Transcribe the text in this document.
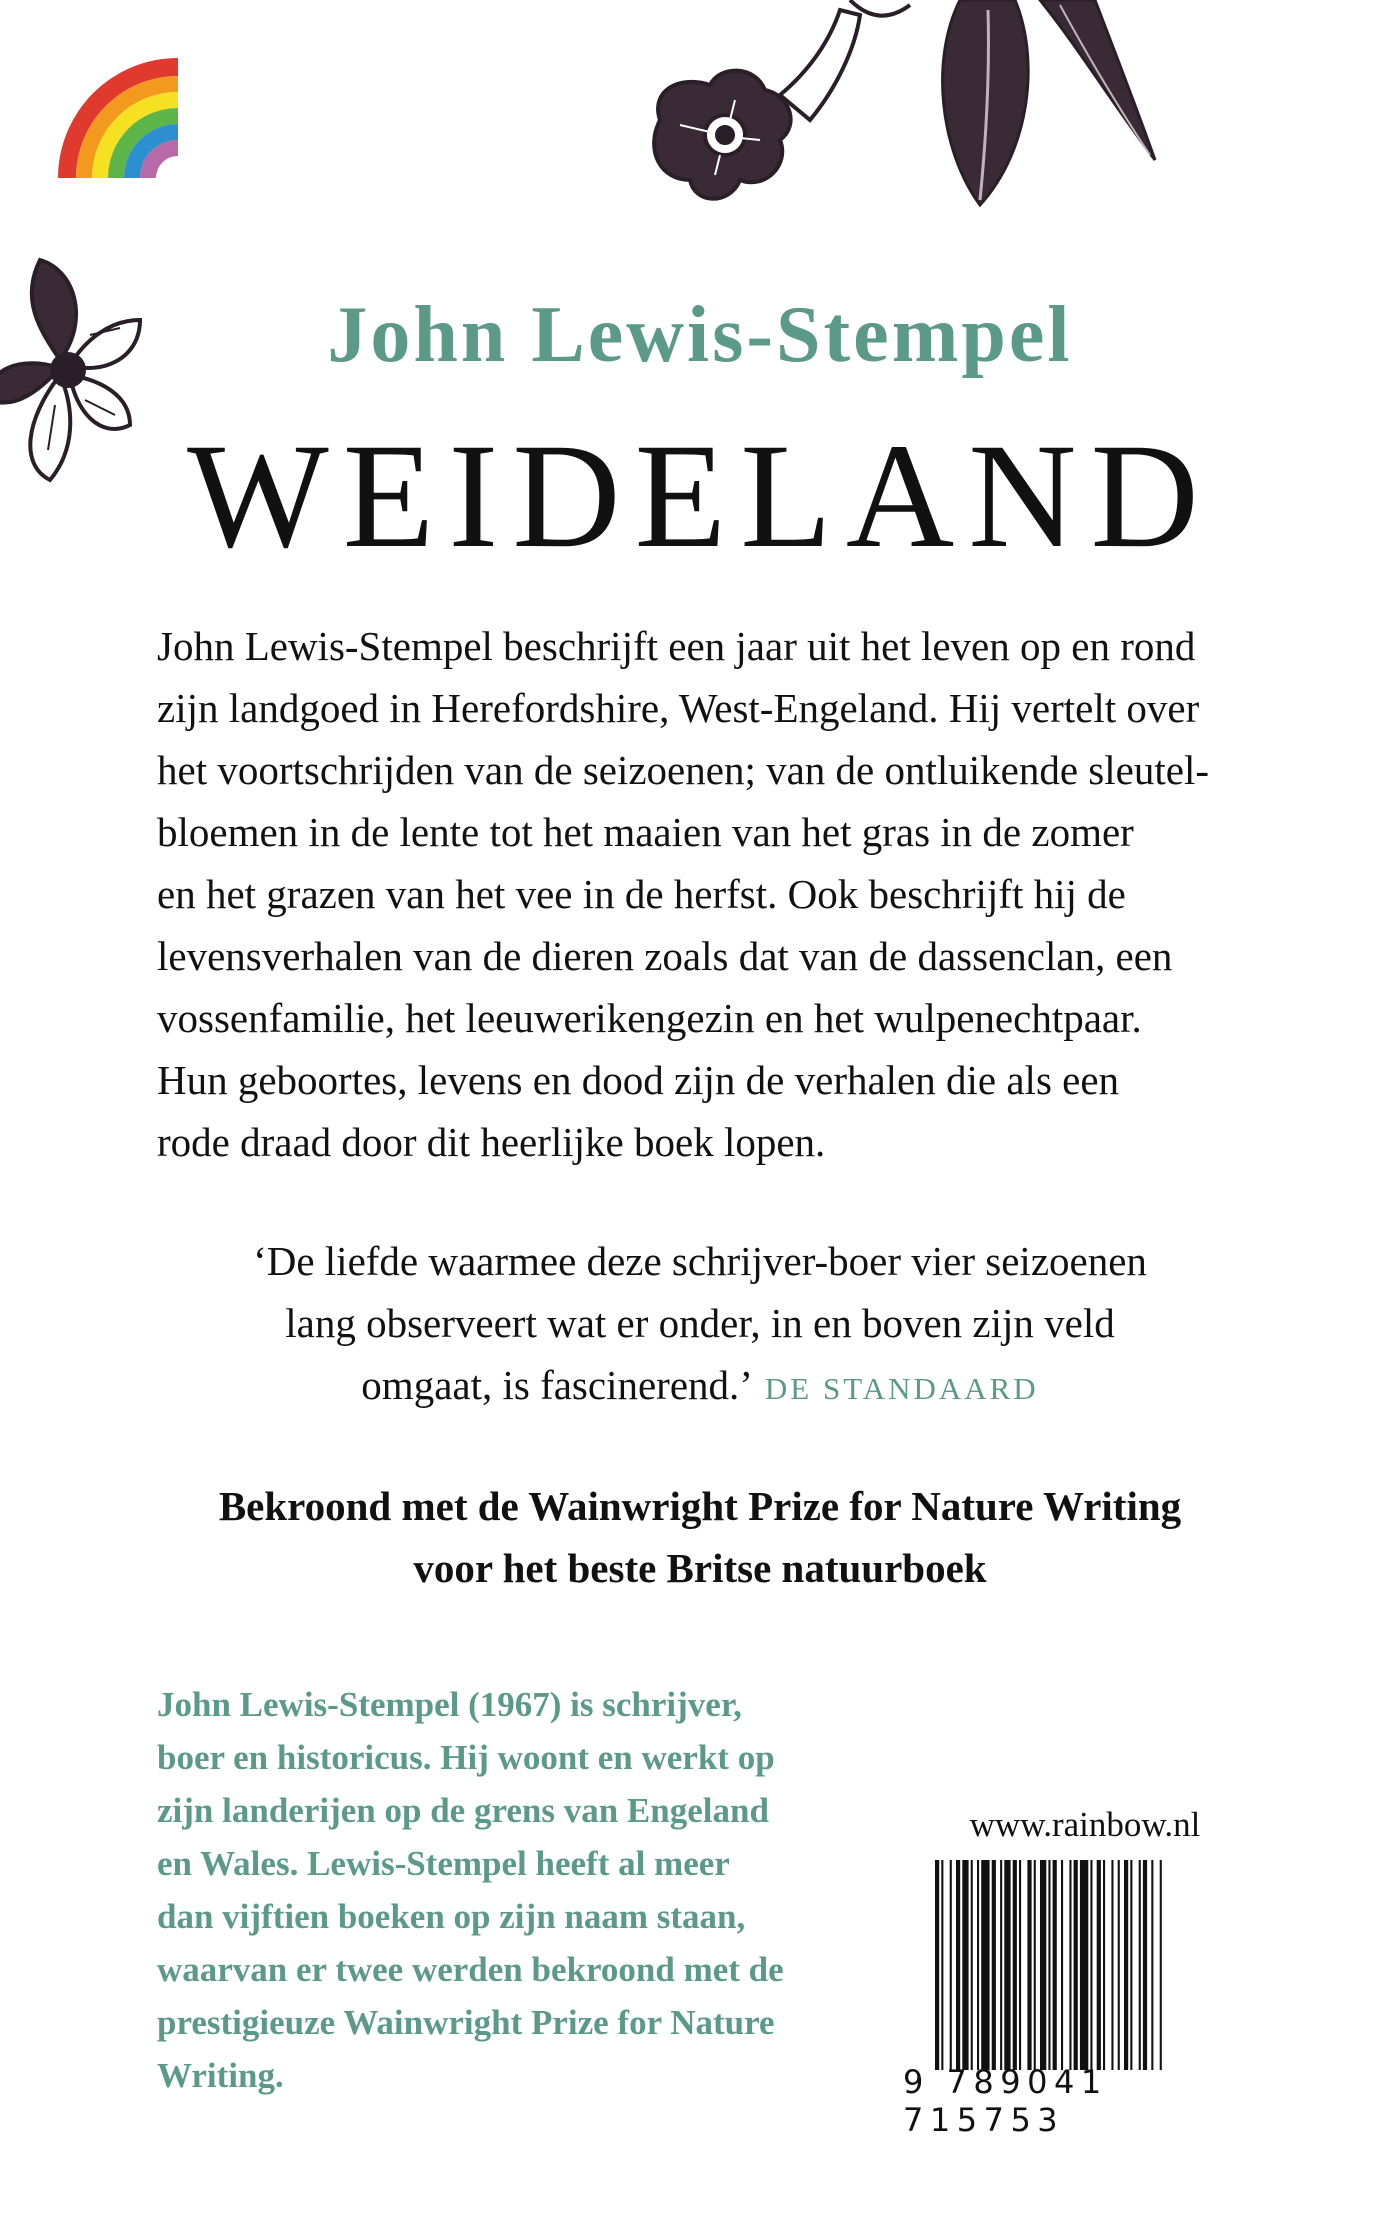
John Lewis-Stempel
WEIDELAND
John Lewis-Stempel beschrijft een jaar uit het leven op en rond
zijn landgoed in Herefordshire, West-Engeland. Hij vertelt over
het voortschrijden van de seizoenen; van de ontluikende sleutel-
bloemen in de lente tot het maaien van het gras in de zomer
en het grazen van het vee in de herfst. Ook beschrijft hij de
levensverhalen van de dieren zoals dat van de dassenclan, een
vossenfamilie, het leeuwerikengezin en het wulpenechtpaar.
Hun geboortes, levens en dood zijn de verhalen die als een
rode draad door dit heerlijke boek lopen.
‘De liefde waarmee deze schrijver-boer vier seizoenen
lang observeert wat er onder, in en boven zijn veld
omgaat, is fascinerend.’ DE STANDAARD
Bekroond met de Wainwright Prize for Nature Writing
voor het beste Britse natuurboek
John Lewis-Stempel (1967) is schrijver,
boer en historicus. Hij woont en werkt op
zijn landerijen op de grens van Engeland
en Wales. Lewis-Stempel heeft al meer
dan vijftien boeken op zijn naam staan,
waarvan er twee werden bekroond met de
prestigieuze Wainwright Prize for Nature
Writing.
www.rainbow.nl
9 789041 715753
